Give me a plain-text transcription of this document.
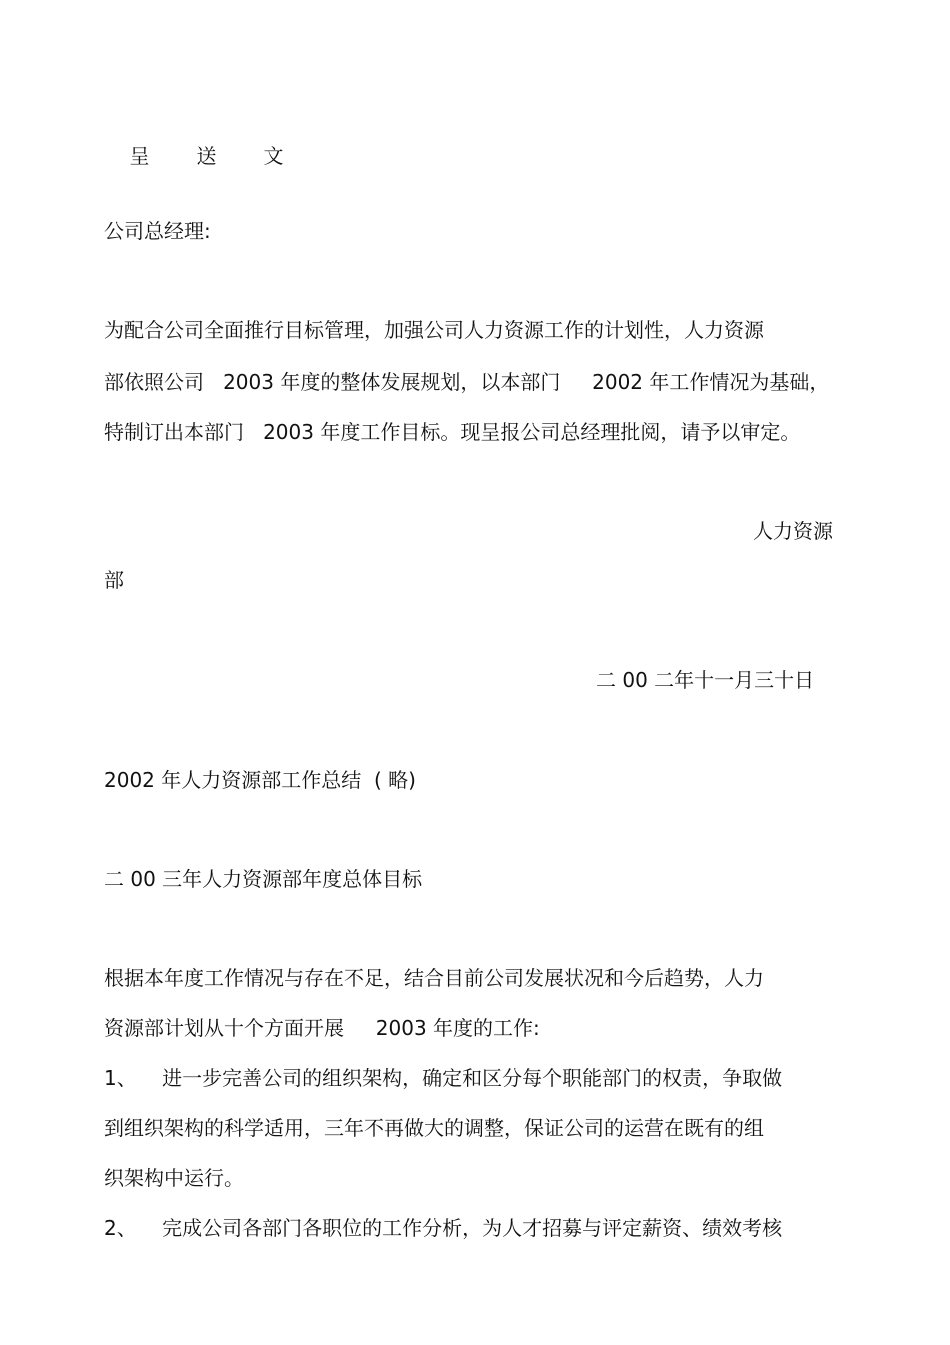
呈 送 文

公司总经理:

为配合公司全面推行目标管理，加强公司人力资源工作的计划性，人力资源

部依照公司   2003 年度的整体发展规划，以本部门     2002 年工作情况为基础，

特制订出本部门   2003 年度工作目标。现呈报公司总经理批阅，请予以审定。

人力资源

部

二 00 二年十一月三十日

2002 年人力资源部工作总结  ( 略)

二 00 三年人力资源部年度总体目标

根据本年度工作情况与存在不足，结合目前公司发展状况和今后趋势，人力

资源部计划从十个方面开展     2003 年度的工作:

1、    进一步完善公司的组织架构，确定和区分每个职能部门的权责，争取做

到组织架构的科学适用，三年不再做大的调整，保证公司的运营在既有的组

织架构中运行。

2、    完成公司各部门各职位的工作分析，为人才招募与评定薪资、绩效考核
